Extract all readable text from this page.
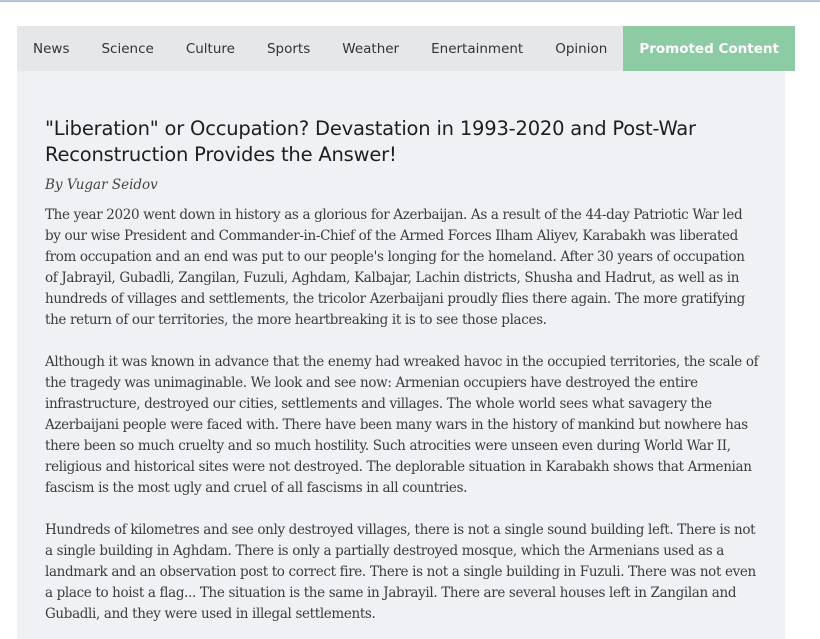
News	Science	Culture	Sports	Weather	Enertainment	Opinion	Promoted Content
"Liberation" or Occupation? Devastation in 1993-2020 and Post-War Reconstruction Provides the Answer!

By Vugar Seidov

The year 2020 went down in history as a glorious for Azerbaijan. As a result of the 44-day Patriotic War led by our wise President and Commander-in-Chief of the Armed Forces Ilham Aliyev, Karabakh was liberated from occupation and an end was put to our people's longing for the homeland. After 30 years of occupation of Jabrayil, Gubadli, Zangilan, Fuzuli, Aghdam, Kalbajar, Lachin districts, Shusha and Hadrut, as well as in hundreds of villages and settlements, the tricolor Azerbaijani proudly flies there again. The more gratifying the return of our territories, the more heartbreaking it is to see those places.

Although it was known in advance that the enemy had wreaked havoc in the occupied territories, the scale of the tragedy was unimaginable. We look and see now: Armenian occupiers have destroyed the entire infrastructure, destroyed our cities, settlements and villages. The whole world sees what savagery the Azerbaijani people were faced with. There have been many wars in the history of mankind but nowhere has there been so much cruelty and so much hostility. Such atrocities were unseen even during World War II, religious and historical sites were not destroyed. The deplorable situation in Karabakh shows that Armenian fascism is the most ugly and cruel of all fascisms in all countries.

Hundreds of kilometres and see only destroyed villages, there is not a single sound building left. There is not a single building in Aghdam. There is only a partially destroyed mosque, which the Armenians used as a landmark and an observation post to correct fire. There is not a single building in Fuzuli. There was not even a place to hoist a flag... The situation is the same in Jabrayil. There are several houses left in Zangilan and Gubadli, and they were used in illegal settlements.
